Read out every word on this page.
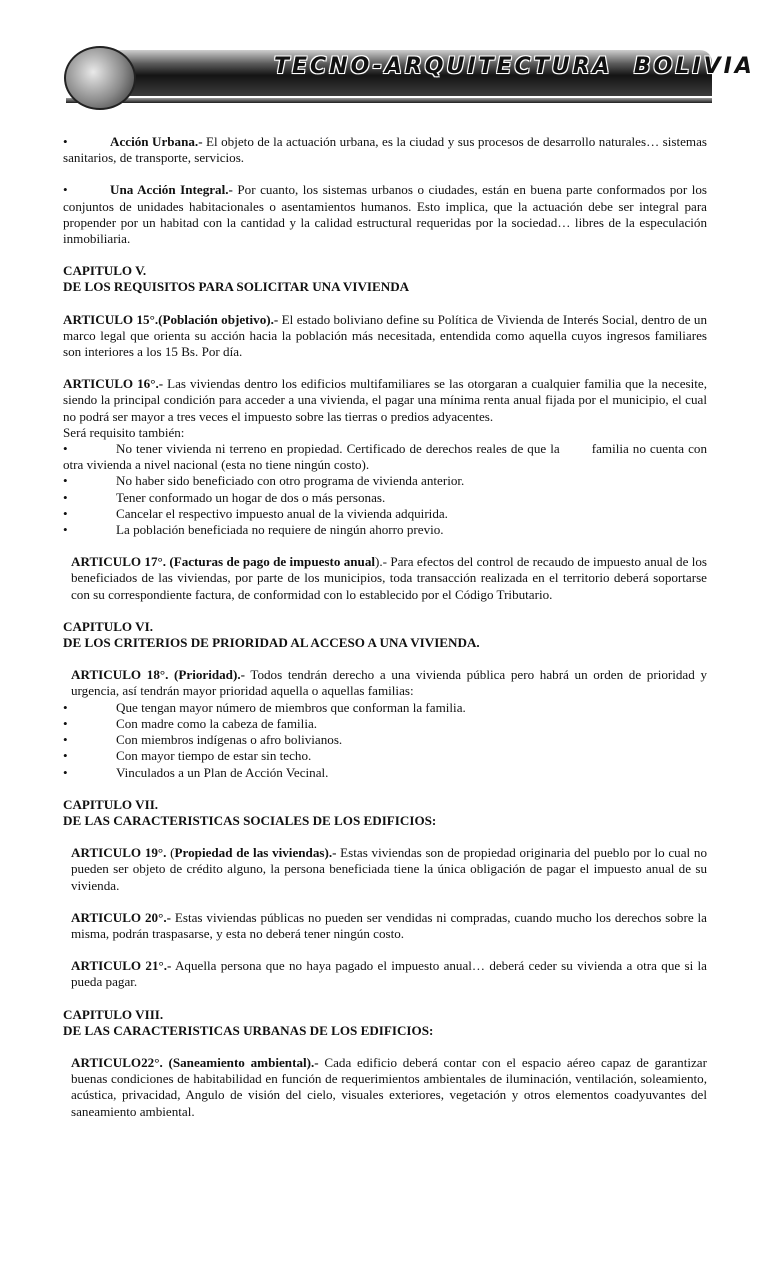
TECNO-ARQUITECTURA  BOLIVIA

•	Acción Urbana.- El objeto de la actuación urbana, es la ciudad y sus procesos de desarrollo naturales… sistemas sanitarios, de transporte, servicios.

•	Una Acción Integral.- Por cuanto, los sistemas urbanos o ciudades, están en buena parte conformados por los conjuntos de unidades habitacionales o asentamientos humanos. Esto implica, que la actuación debe ser integral para propender por un habitad con la cantidad y la calidad estructural requeridas por la sociedad… libres de la especulación inmobiliaria.

CAPITULO V.

DE LOS REQUISITOS PARA SOLICITAR UNA VIVIENDA

ARTICULO 15°.(Población objetivo).- El estado boliviano define su Política de Vivienda de Interés Social, dentro de un marco legal que orienta su acción hacia la población más necesitada, entendida como aquella cuyos ingresos familiares son interiores a los 15 Bs. Por día.

ARTICULO 16°.- Las viviendas dentro los edificios multifamiliares se las otorgaran a cualquier familia que la necesite, siendo la principal condición para acceder a una vivienda, el pagar una mínima renta anual fijada por el municipio, el cual no podrá ser mayor a tres veces el impuesto sobre las tierras o predios adyacentes.

Será requisito también:

•	No tener vivienda ni terreno en propiedad. Certificado de derechos reales de que la        familia no cuenta con otra vivienda a nivel nacional (esta no tiene ningún costo).

•	No haber sido beneficiado con otro programa de vivienda anterior.
•	Tener conformado un hogar de dos o más personas.
•	Cancelar el respectivo impuesto anual de la vivienda adquirida.
•	La población beneficiada no requiere de ningún ahorro previo.

ARTICULO 17°. (Facturas de pago de impuesto anual).- Para efectos del control de recaudo de impuesto anual de los beneficiados de las viviendas, por parte de los municipios, toda transacción realizada en el territorio deberá soportarse con su correspondiente factura, de conformidad con lo establecido por el Código Tributario.

CAPITULO VI.

DE LOS CRITERIOS DE PRIORIDAD AL ACCESO A UNA VIVIENDA.

ARTICULO 18°. (Prioridad).- Todos tendrán derecho a una vivienda pública pero habrá un orden de prioridad y urgencia, así tendrán mayor prioridad aquella o aquellas familias:

•	Que tengan mayor número de miembros que conforman la familia.
•	Con madre como la cabeza de familia.
•	Con miembros indígenas o afro bolivianos.
•	Con mayor tiempo de estar sin techo.
•	Vinculados a un Plan de Acción Vecinal.

CAPITULO VII.

DE LAS CARACTERISTICAS SOCIALES DE LOS EDIFICIOS:

ARTICULO 19°. (Propiedad de las viviendas).- Estas viviendas son de propiedad originaria del pueblo por lo cual no pueden ser objeto de crédito alguno, la persona beneficiada tiene la única obligación de pagar el impuesto anual de su vivienda.

ARTICULO 20°.- Estas viviendas públicas no pueden ser vendidas ni compradas, cuando mucho los derechos sobre la misma, podrán traspasarse, y esta no deberá tener ningún costo.

ARTICULO 21°.- Aquella persona que no haya pagado el impuesto anual… deberá ceder su vivienda a otra que si la pueda pagar.

CAPITULO VIII.

DE LAS CARACTERISTICAS URBANAS DE LOS EDIFICIOS:

ARTICULO22°. (Saneamiento ambiental).- Cada edificio deberá contar con el espacio aéreo capaz de garantizar buenas condiciones de habitabilidad en función de requerimientos ambientales de iluminación, ventilación, soleamiento, acústica, privacidad, Angulo de visión del cielo, visuales exteriores, vegetación y otros elementos coadyuvantes del saneamiento ambiental.
